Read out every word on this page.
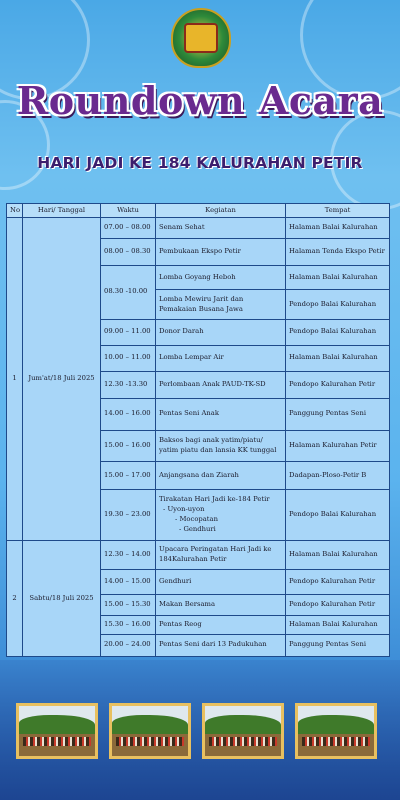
Roundown Acara
HARI JADI KE 184 KALURAHAN PETIR
No	Hari/ Tanggal	Waktu	Kegiatan	Tempat
1	Jum'at/18 Juli 2025	07.00 – 08.00	Senam Sehat	Halaman Balai Kalurahan
		08.00 – 08.30	Pembukaan Ekspo Petir	Halaman Tenda Ekspo Petir
		08.30 -10.00	Lomba Goyang Heboh	Halaman Balai Kalurahan
			Lomba Mewiru Jarit dan Pemakaian Busana Jawa	Pendopo Balai Kalurahan
		09.00 – 11.00	Donor Darah	Pendopo Balai Kalurahan
		10.00 – 11.00	Lomba Lempar Air	Halaman Balai Kalurahan
		12.30 -13.30	Perlombaan Anak PAUD-TK-SD	Pendopo Kalurahan Petir
		14.00 – 16.00	Pentas Seni Anak	Panggung Pentas Seni
		15.00 – 16.00	Baksos bagi anak yatim/piatu/ yatim piatu dan lansia KK tunggal	Halaman Kalurahan Petir
		15.00 – 17.00	Anjangsana dan Ziarah	Dadapan-Ploso-Petir B
		19.30 – 23.00	Tirakatan Hari Jadi ke-184 Petir
- Uyon-uyon
- Mocopatan
- Gendhuri	Pendopo Balai Kalurahan
2	Sabtu/18 Juli 2025	12.30 – 14.00	Upacara Peringatan Hari Jadi ke 184Kalurahan Petir	Halaman Balai Kalurahan
		14.00 – 15.00	Gendhuri	Pendopo Kalurahan Petir
		15.00 – 15.30	Makan Bersama	Pendopo Kalurahan Petir
		15.30 – 16.00	Pentas Reog	Halaman Balai Kalurahan
		20.00 – 24.00	Pentas Seni dari 13 Padukuhan	Panggung Pentas Seni
